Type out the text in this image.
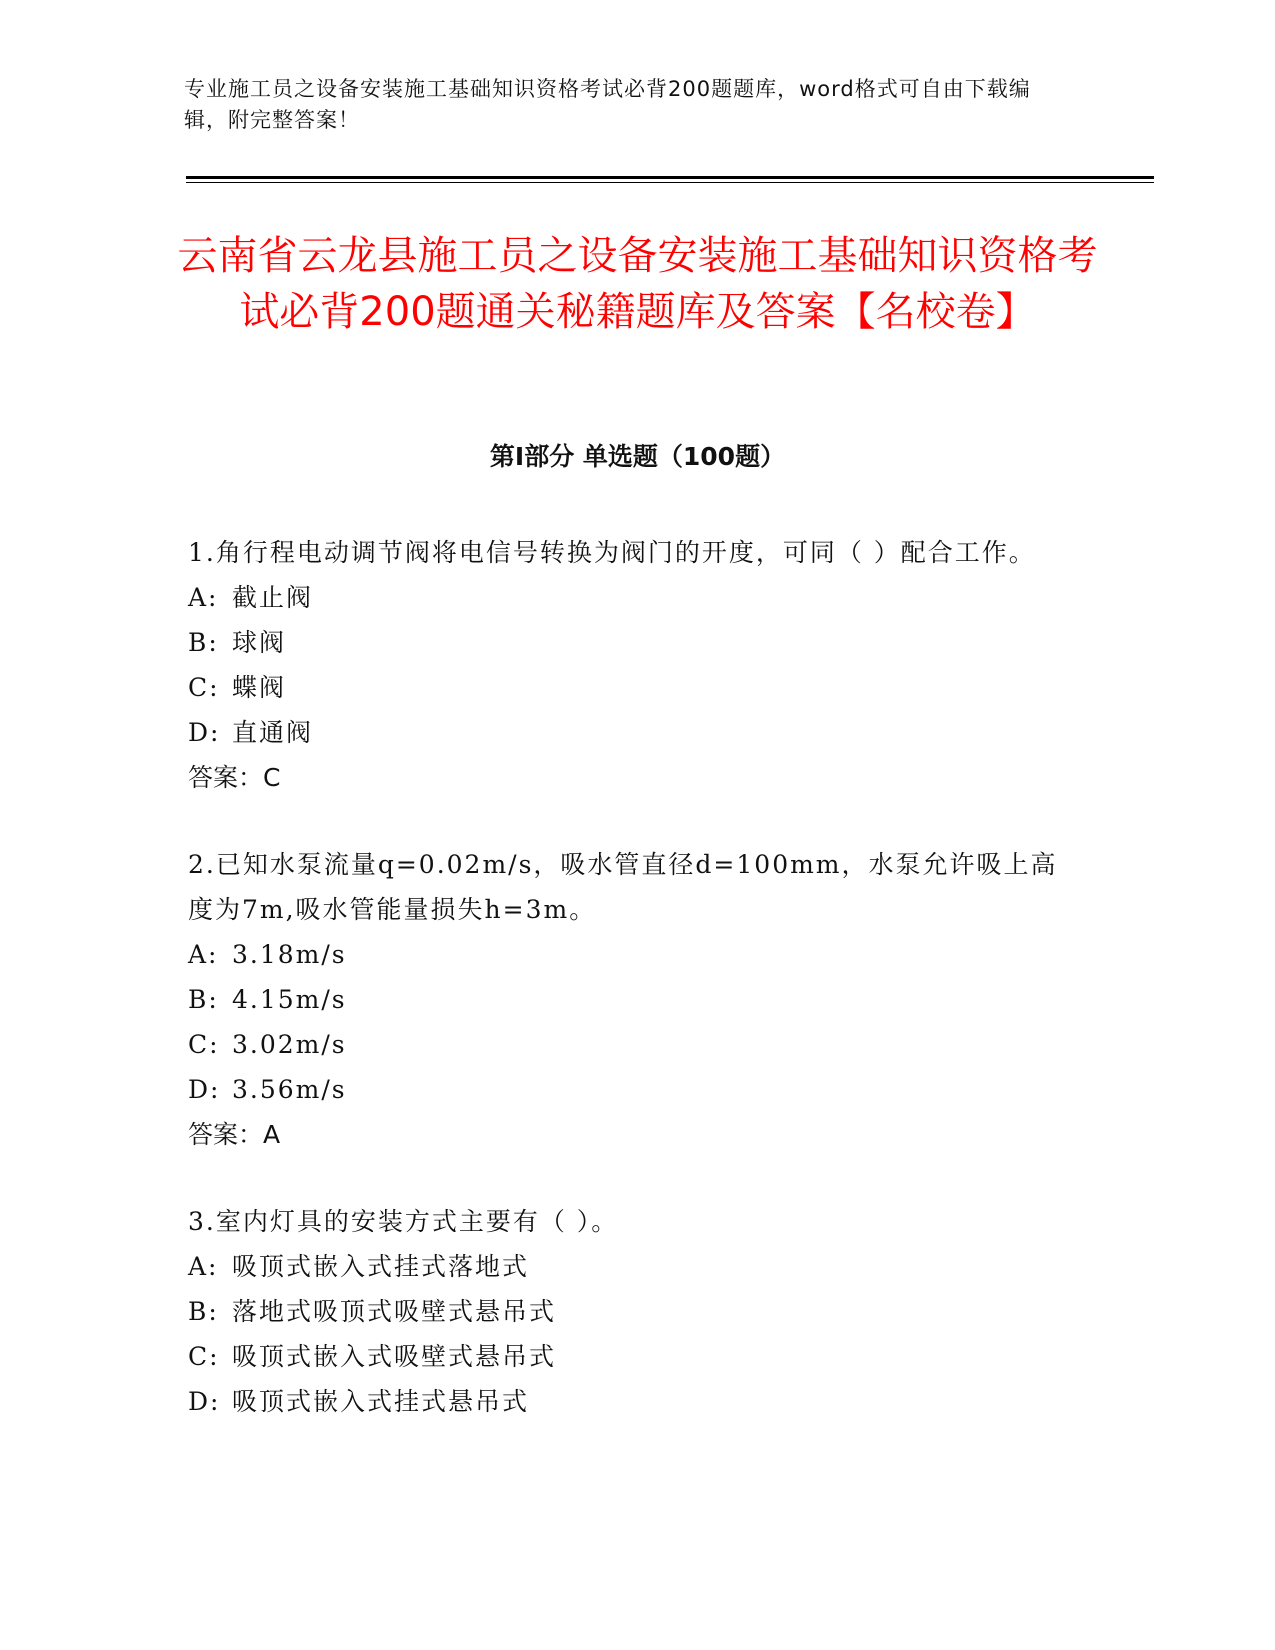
专业施工员之设备安装施工基础知识资格考试必背200题题库，word格式可自由下载编辑，附完整答案！
云南省云龙县施工员之设备安装施工基础知识资格考试必背200题通关秘籍题库及答案【名校卷】
第Ⅰ部分 单选题（100题）
1.角行程电动调节阀将电信号转换为阀门的开度，可同（ ）配合工作。
A: 截止阀
B: 球阀
C: 蝶阀
D: 直通阀
答案：C
2.已知水泵流量q=0.02m/s，吸水管直径d=100mm，水泵允许吸上高度为7m,吸水管能量损失h=3m。
A: 3.18m/s
B: 4.15m/s
C: 3.02m/s
D: 3.56m/s
答案：A
3.室内灯具的安装方式主要有（ ）。
A: 吸顶式嵌入式挂式落地式
B: 落地式吸顶式吸壁式悬吊式
C: 吸顶式嵌入式吸壁式悬吊式
D: 吸顶式嵌入式挂式悬吊式
